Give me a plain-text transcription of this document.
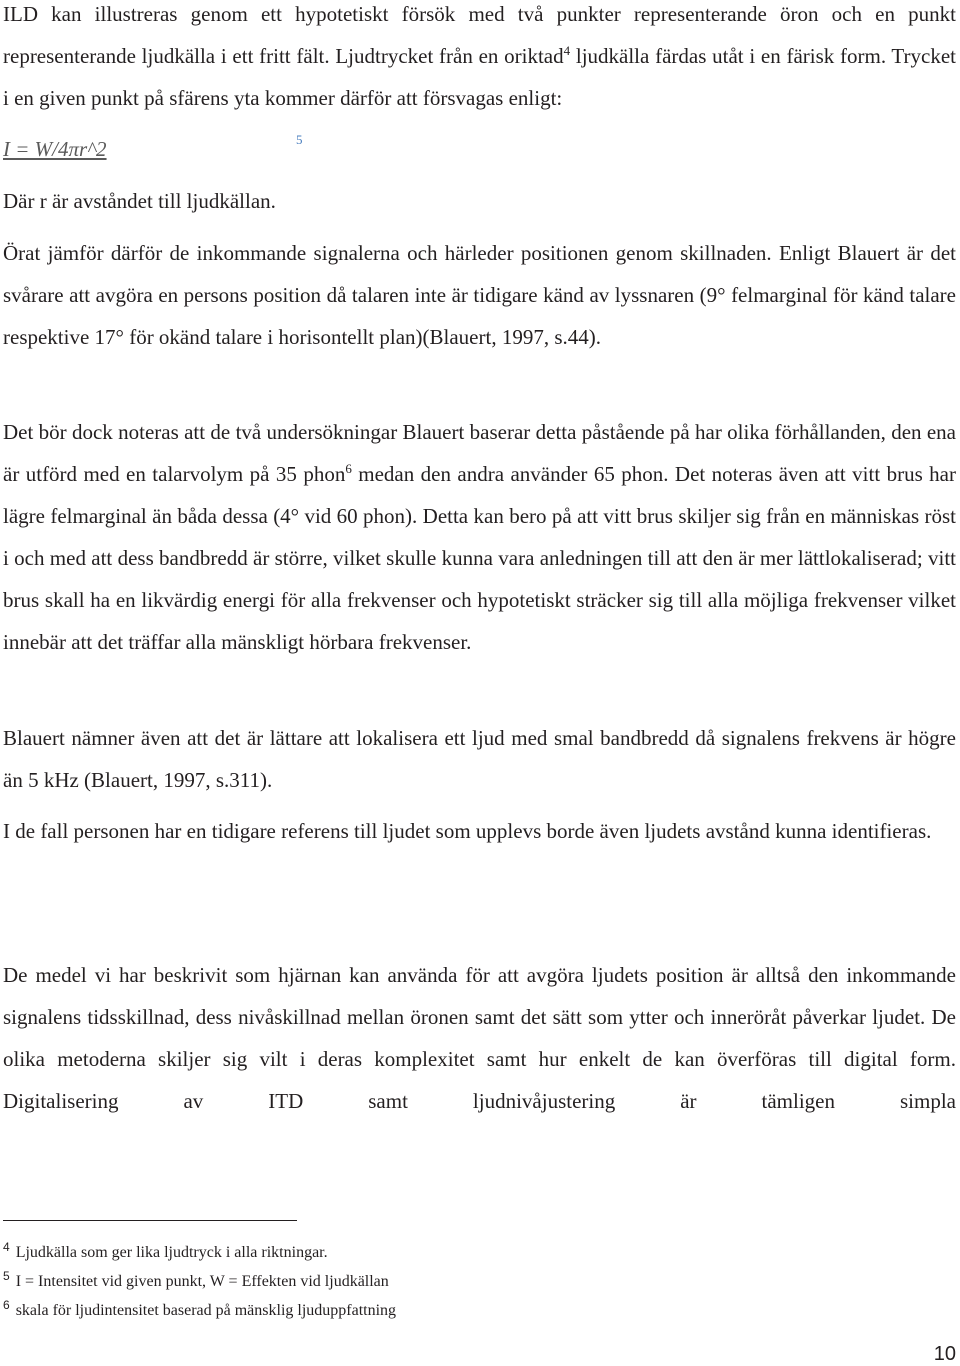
ILD kan illustreras genom ett hypotetiskt försök med två punkter representerande öron och en punkt representerande ljudkälla i ett fritt fält. Ljudtrycket från en oriktad$^4$ ljudkälla färdas utåt i en färisk form. Trycket i en given punkt på sfärens yta kommer därför att försvagas enligt:

I = W/4πr^2	5

Där r är avståndet till ljudkällan.

Örat jämför därför de inkommande signalerna och härleder positionen genom skillnaden. Enligt Blauert är det svårare att avgöra en persons position då talaren inte är tidigare känd av lyssnaren (9° felmarginal för känd talare respektive 17° för okänd talare i horisontellt plan)(Blauert, 1997, s.44).

Det bör dock noteras att de två undersökningar Blauert baserar detta påstående på har olika förhållanden, den ena är utförd med en talarvolym på 35 phon$^6$ medan den andra använder 65 phon. Det noteras även att vitt brus har lägre felmarginal än båda dessa (4° vid 60 phon). Detta kan bero på att vitt brus skiljer sig från en människas röst i och med att dess bandbredd är större, vilket skulle kunna vara anledningen till att den är mer lättlokaliserad; vitt brus skall ha en likvärdig energi för alla frekvenser och hypotetiskt sträcker sig till alla möjliga frekvenser vilket innebär att det träffar alla mänskligt hörbara frekvenser.

Blauert nämner även att det är lättare att lokalisera ett ljud med smal bandbredd då signalens frekvens är högre än 5 kHz (Blauert, 1997, s.311).

I de fall personen har en tidigare referens till ljudet som upplevs borde även ljudets avstånd kunna identifieras.

De medel vi har beskrivit som hjärnan kan använda för att avgöra ljudets position är alltså den inkommande signalens tidsskillnad, dess nivåskillnad mellan öronen samt det sätt som ytter och inneröråt påverkar ljudet. De olika metoderna skiljer sig vilt i deras komplexitet samt hur enkelt de kan överföras till digital form. Digitalisering av ITD samt ljudnivåjustering är tämligen simpla

$^4$ Ljudkälla som ger lika ljudtryck i alla riktningar.
$^5$ I = Intensitet vid given punkt, W = Effekten vid ljudkällan
$^6$ skala för ljudintensitet baserad på mänsklig ljuduppfattning
10
